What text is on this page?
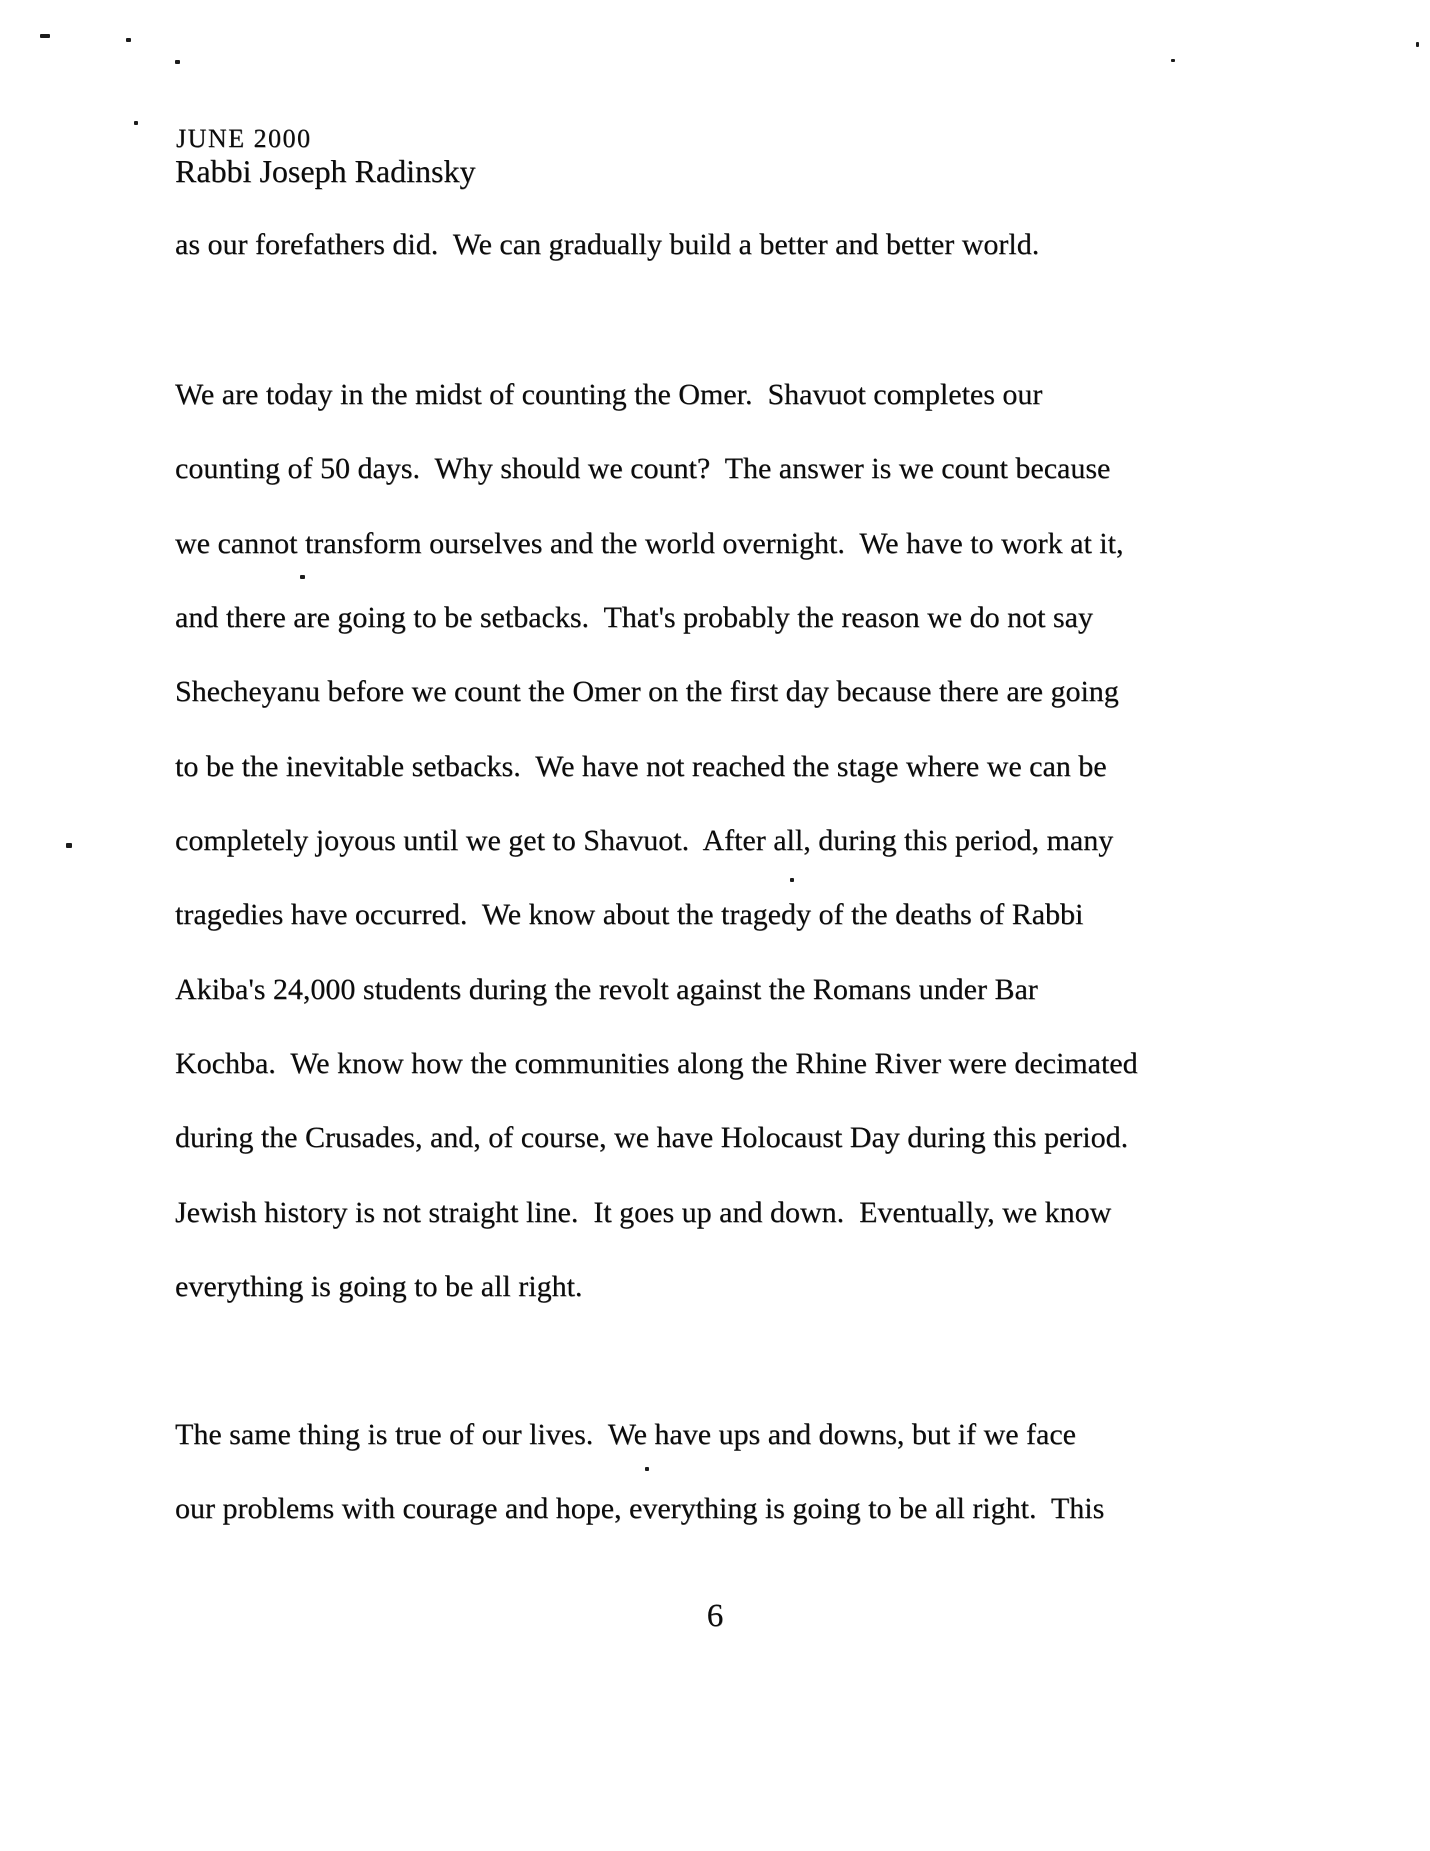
JUNE 2000
Rabbi Joseph Radinsky
as our forefathers did.  We can gradually build a better and better world.
We are today in the midst of counting the Omer.  Shavuot completes our
counting of 50 days.  Why should we count?  The answer is we count because
we cannot transform ourselves and the world overnight.  We have to work at it,
and there are going to be setbacks.  That's probably the reason we do not say
Shecheyanu before we count the Omer on the first day because there are going
to be the inevitable setbacks.  We have not reached the stage where we can be
completely joyous until we get to Shavuot.  After all, during this period, many
tragedies have occurred.  We know about the tragedy of the deaths of Rabbi
Akiba's 24,000 students during the revolt against the Romans under Bar
Kochba.  We know how the communities along the Rhine River were decimated
during the Crusades, and, of course, we have Holocaust Day during this period.
Jewish history is not straight line.  It goes up and down.  Eventually, we know
everything is going to be all right.
The same thing is true of our lives.  We have ups and downs, but if we face
our problems with courage and hope, everything is going to be all right.  This
6
